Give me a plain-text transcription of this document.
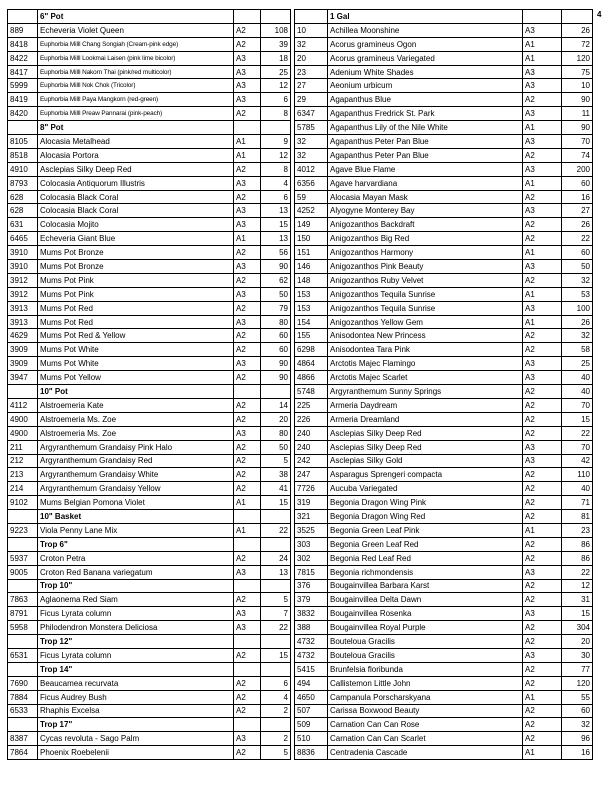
4
	6" Pot		
889	Echeveria Violet Queen	A2	108
8418	Euphorbia Milll Chang Songiah (Cream-pink edge)	A2	39
8422	Euphorbia Milll Lookmai Laisen (pink lime bicolor)	A3	18
8417	Euphorbia Milll Nakorn Thai (pink/red multicolor)	A3	25
5999	Euphorbia Milll Nok Chok (Tricolor)	A3	12
8419	Euphorbia Milll Paya Mangkorn (red-green)	A3	6
8420	Euphorbia Milll Preaw Pannarai (pink-peach)	A2	8
	8" Pot		
8105	Alocasia Metalhead	A1	9
8518	Alocasia Portora	A1	12
4910	Asclepias Silky Deep Red	A2	8
8793	Colocasia Antiquorum Illustris	A3	4
628	Colocasia Black Coral	A2	6
628	Colocasia Black Coral	A3	13
631	Colocasia Mojito	A3	15
6465	Echeveria Giant Blue	A1	13
3910	Mums Pot Bronze	A2	56
3910	Mums Pot Bronze	A3	90
3912	Mums Pot Pink	A2	62
3912	Mums Pot Pink	A3	50
3913	Mums Pot Red	A2	79
3913	Mums Pot Red	A3	80
4629	Mums Pot Red & Yellow	A2	60
3909	Mums Pot White	A2	60
3909	Mums Pot White	A3	90
3947	Mums Pot Yellow	A2	90
	10" Pot		
4112	Alstroemeria Kate	A2	14
4900	Alstroemeria Ms. Zoe	A2	20
4900	Alstroemeria Ms. Zoe	A3	80
211	Argyranthemum Grandaisy Pink Halo	A2	50
212	Argyranthemum Grandaisy Red	A2	5
213	Argyranthemum Grandaisy White	A2	38
214	Argyranthemum Grandaisy Yellow	A2	41
9102	Mums Belgian Pomona Violet	A1	15
	10" Basket		
9223	Viola Penny Lane Mix	A1	22
	Trop 6"		
5937	Croton Petra	A2	24
9005	Croton Red Banana variegatum	A3	13
	Trop 10"		
7863	Aglaonema Red Siam	A2	5
8791	Ficus Lyrata column	A3	7
5958	Philodendron Monstera Deliciosa	A3	22
	Trop 12"		
6531	Ficus Lyrata column	A2	15
	Trop 14"		
7690	Beaucamea recurvata	A2	6
7884	Ficus Audrey Bush	A2	4
6533	Rhaphis Excelsa	A2	2
	Trop 17"		
8387	Cycas revoluta - Sago Palm	A3	2
7864	Phoenix Roebelenii	A2	5
	1 Gal		
10	Achillea Moonshine	A3	26
32	Acorus gramineus Ogon	A1	72
20	Acorus gramineus Variegated	A1	120
23	Adenium White Shades	A3	75
27	Aeonium urbicum	A3	10
29	Agapanthus Blue	A2	90
6347	Agapanthus Fredrick St. Park	A3	11
5785	Agapanthus Lily of the Nile White	A1	90
32	Agapanthus Peter Pan Blue	A3	70
32	Agapanthus Peter Pan Blue	A2	74
4012	Agave Blue Flame	A3	200
6356	Agave harvardiana	A1	60
59	Alocasia Mayan Mask	A2	16
4252	Alyogyne Monterey Bay	A3	27
149	Anigozanthos Backdraft	A2	26
150	Anigozanthos Big Red	A2	22
151	Anigozanthos Harmony	A1	60
146	Anigozanthos Pink Beauty	A3	50
148	Anigozanthos Ruby Velvet	A2	32
153	Anigozanthos Tequila Sunrise	A1	53
153	Anigozanthos Tequila Sunrise	A3	100
154	Anigozanthos Yellow Gem	A1	26
155	Anisodontea New Princess	A2	32
6298	Anisodontea Tara Pink	A2	58
4864	Arctotis Majec Flamingo	A3	25
4866	Arctotis Majec Scarlet	A3	40
5748	Argyranthemum Sunny Springs	A2	40
225	Armeria Daydream	A2	70
226	Armeria Dreamland	A2	15
240	Asclepias Silky Deep Red	A2	22
240	Asclepias Silky Deep Red	A3	70
242	Asclepias Silky Gold	A3	42
247	Asparagus Sprengeri compacta	A2	110
7726	Aucuba Variegated	A2	40
319	Begonia Dragon Wing Pink	A2	71
321	Begonia Dragon Wing Red	A2	81
3525	Begonia Green Leaf Pink	A1	23
303	Begonia Green Leaf Red	A2	86
302	Begonia Red Leaf Red	A2	86
7815	Begonia richmondensis	A3	22
376	Bougainvillea Barbara Karst	A2	12
379	Bougainvillea Delta Dawn	A2	31
3832	Bougainvillea Rosenka	A3	15
388	Bougainvillea Royal Purple	A2	304
4732	Bouteloua Gracilis	A2	20
4732	Bouteloua Gracilis	A3	30
5415	Brunfelsia floribunda	A2	77
494	Callistemon Little John	A2	120
4650	Campanula Porscharskyana	A1	55
507	Carissa Boxwood Beauty	A2	60
509	Carnation Can Can Rose	A2	32
510	Carnation Can Can Scarlet	A2	96
8836	Centradenia Cascade	A1	16
